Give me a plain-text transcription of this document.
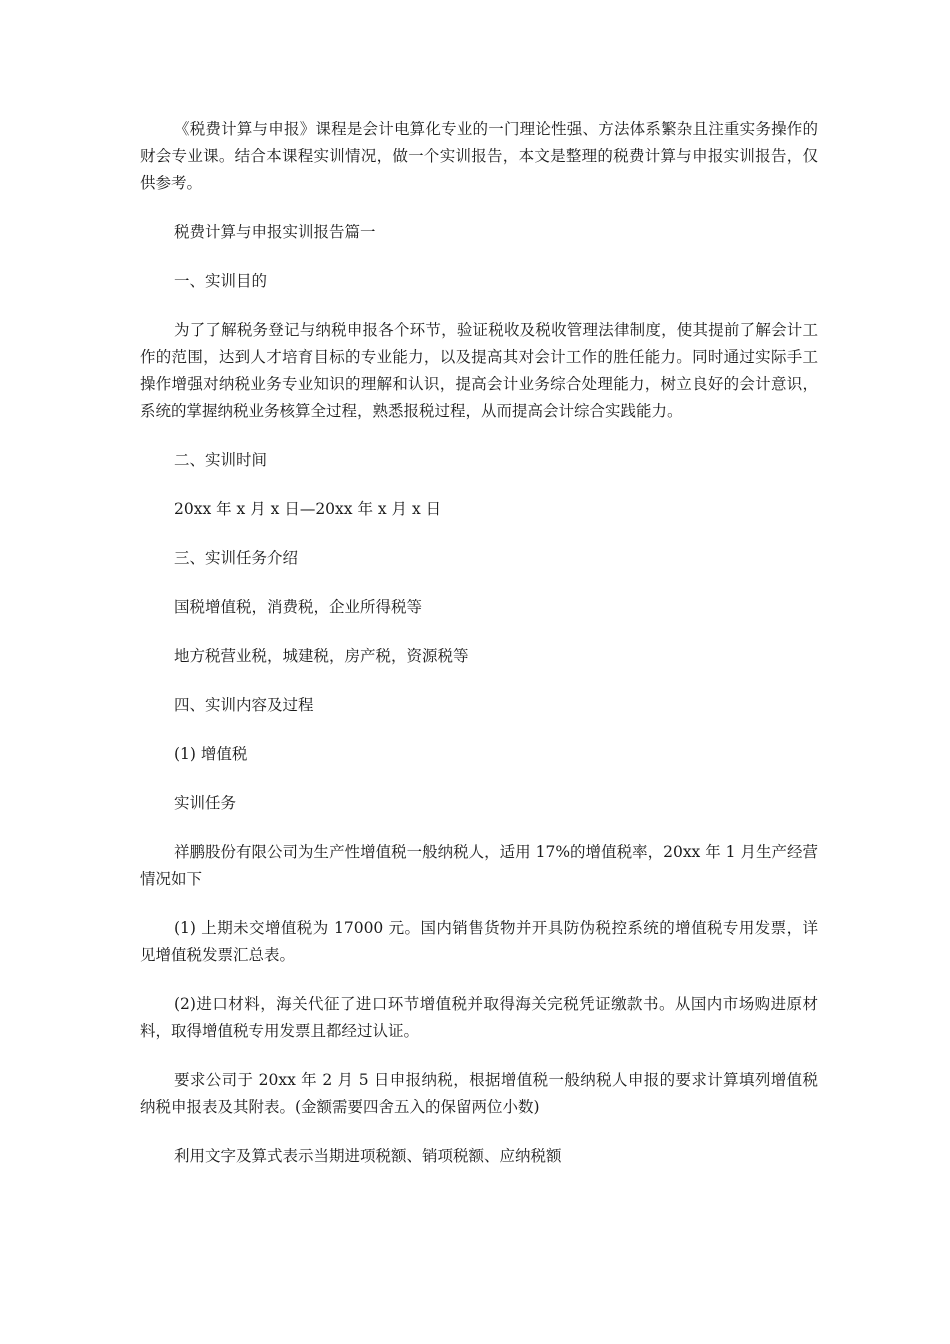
《税费计算与申报》课程是会计电算化专业的一门理论性强、方法体系繁杂且注重实务操作的财会专业课。结合本课程实训情况，做一个实训报告，本文是整理的税费计算与申报实训报告，仅供参考。

税费计算与申报实训报告篇一

一、实训目的

为了了解税务登记与纳税申报各个环节，验证税收及税收管理法律制度，使其提前了解会计工作的范围，达到人才培育目标的专业能力，以及提高其对会计工作的胜任能力。同时通过实际手工操作增强对纳税业务专业知识的理解和认识，提高会计业务综合处理能力，树立良好的会计意识，系统的掌握纳税业务核算全过程，熟悉报税过程，从而提高会计综合实践能力。

二、实训时间

20xx 年 x 月 x 日—20xx 年 x 月 x 日

三、实训任务介绍

国税增值税，消费税，企业所得税等

地方税营业税，城建税，房产税，资源税等

四、实训内容及过程

(1) 增值税

实训任务

祥鹏股份有限公司为生产性增值税一般纳税人，适用 17%的增值税率，20xx 年 1 月生产经营情况如下

(1) 上期未交增值税为 17000 元。国内销售货物并开具防伪税控系统的增值税专用发票，详见增值税发票汇总表。

(2)进口材料，海关代征了进口环节增值税并取得海关完税凭证缴款书。从国内市场购进原材料，取得增值税专用发票且都经过认证。

要求公司于 20xx 年 2 月 5 日申报纳税，根据增值税一般纳税人申报的要求计算填列增值税纳税申报表及其附表。(金额需要四舍五入的保留两位小数)

利用文字及算式表示当期进项税额、销项税额、应纳税额
